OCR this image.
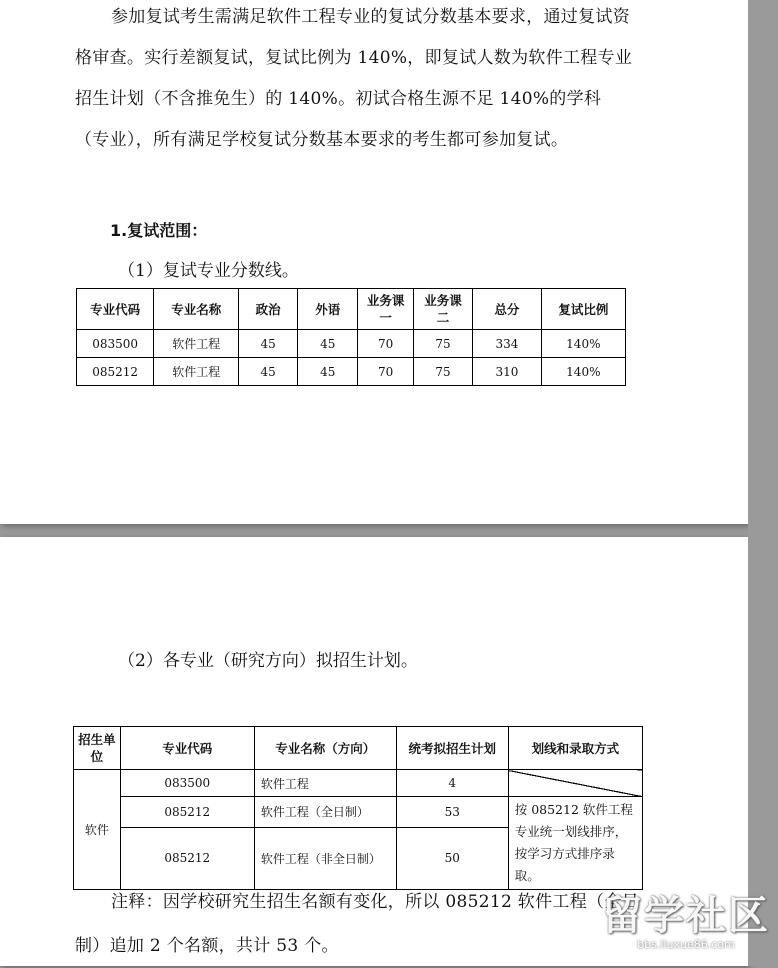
参加复试考生需满足软件工程专业的复试分数基本要求，通过复试资格审查。实行差额复试，复试比例为 140%，即复试人数为软件工程专业招生计划（不含推免生）的 140%。初试合格生源不足 140%的学科（专业），所有满足学校复试分数基本要求的考生都可参加复试。

1.复试范围：

（1）复试专业分数线。

专业代码	专业名称	政治	外语	业务课一	业务课二	总分	复试比例
083500	软件工程	45	45	70	75	334	140%
085212	软件工程	45	45	70	75	310	140%

（2）各专业（研究方向）拟招生计划。

招生单位	专业代码	专业名称（方向）	统考拟招生计划	划线和录取方式
软件	083500	软件工程	4	
	085212	软件工程（全日制）	53	按 085212 软件工程专业统一划线排序，按学习方式排序录取。
	085212	软件工程（非全日制）	50	

注释：因学校研究生招生名额有变化，所以 085212 软件工程（全日制）追加 2 个名额，共计 53 个。

留学社区
bbs.liuxue86.com
